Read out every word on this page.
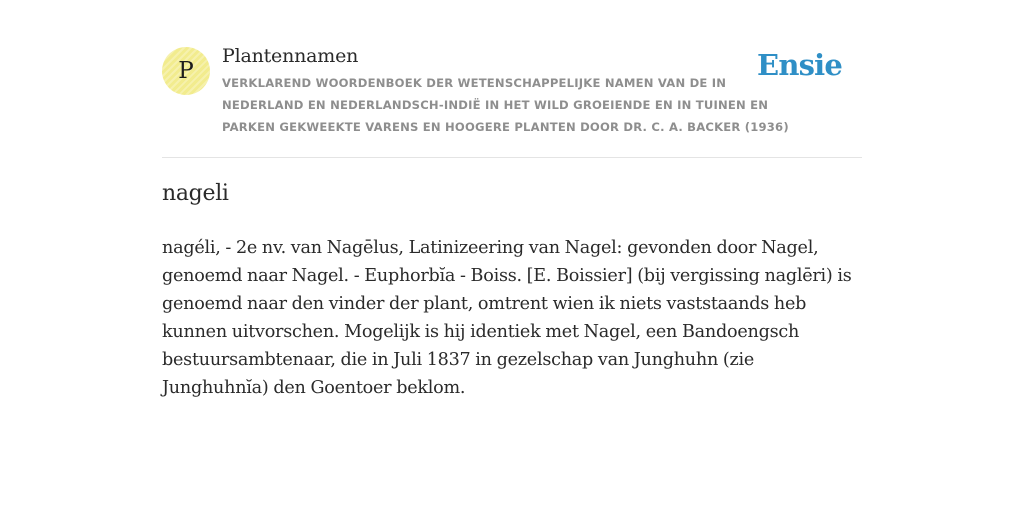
P
Plantennamen
VERKLAREND WOORDENBOEK DER WETENSCHAPPELIJKE NAMEN VAN DE IN NEDERLAND EN NEDERLANDSCH-INDIË IN HET WILD GROEIENDE EN IN TUINEN EN PARKEN GEKWEEKTE VARENS EN HOOGERE PLANTEN DOOR DR. C. A. BACKER (1936)
Ensie
nageli

nagéli, - 2e nv. van Nagēlus, Latinizeering van Nagel: gevonden door Nagel, genoemd naar Nagel. - Euphorbĭa - Boiss. [E. Boissier] (bij vergissing naglēri) is genoemd naar den vinder der plant, omtrent wien ik niets vaststaands heb kunnen uitvorschen. Mogelijk is hij identiek met Nagel, een Bandoengsch bestuursambtenaar, die in Juli 1837 in gezelschap van Junghuhn (zie Junghuhnĭa) den Goentoer beklom.
